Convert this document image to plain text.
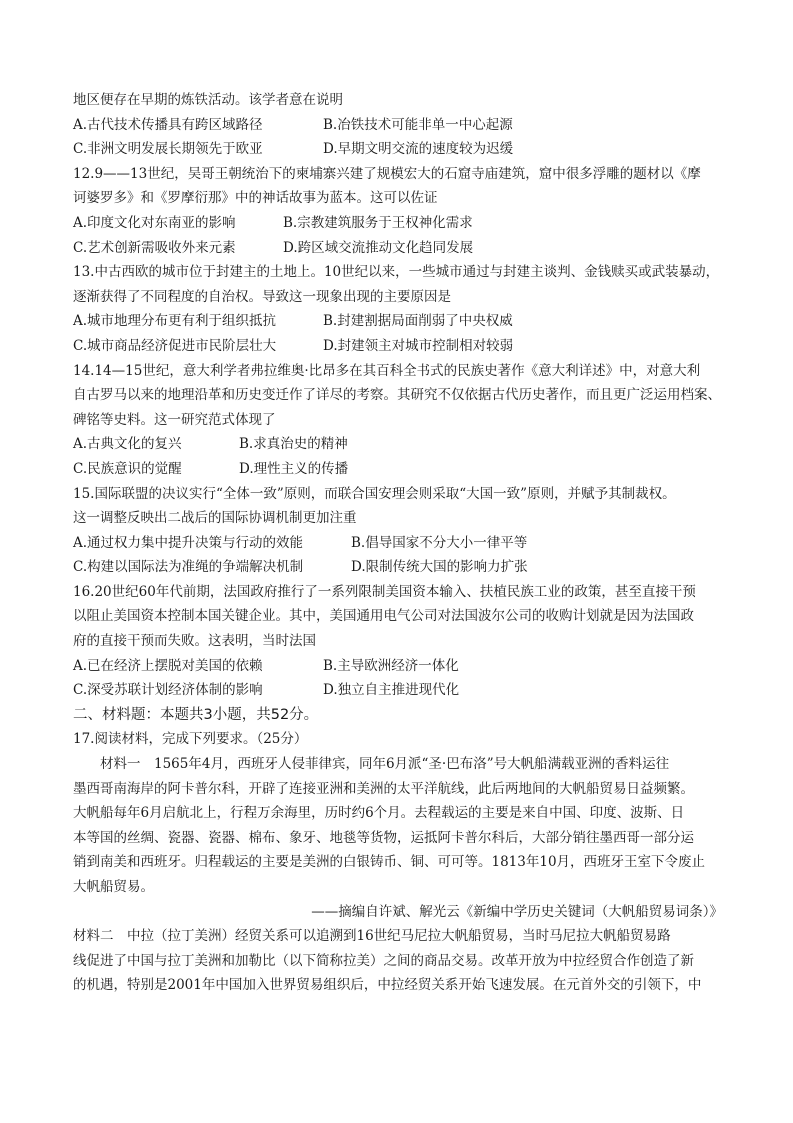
地区便存在早期的炼铁活动。该学者意在说明
A.古代技术传播具有跨区域路径	B.冶铁技术可能非单一中心起源
C.非洲文明发展长期领先于欧亚	D.早期文明交流的速度较为迟缓
12.9——13世纪，吴哥王朝统治下的柬埔寨兴建了规模宏大的石窟寺庙建筑，窟中很多浮雕的题材以《摩
诃婆罗多》和《罗摩衍那》中的神话故事为蓝本。这可以佐证
A.印度文化对东南亚的影响	B.宗教建筑服务于王权神化需求
C.艺术创新需吸收外来元素	D.跨区域交流推动文化趋同发展
13.中古西欧的城市位于封建主的土地上。10世纪以来，一些城市通过与封建主谈判、金钱赎买或武装暴动，
逐渐获得了不同程度的自治权。导致这一现象出现的主要原因是
A.城市地理分布更有利于组织抵抗	B.封建割据局面削弱了中央权威
C.城市商品经济促进市民阶层壮大	D.封建领主对城市控制相对较弱
14.14—15世纪，意大利学者弗拉维奥·比昂多在其百科全书式的民族史著作《意大利详述》中，对意大利
自古罗马以来的地理沿革和历史变迁作了详尽的考察。其研究不仅依据古代历史著作，而且更广泛运用档案、
碑铭等史料。这一研究范式体现了
A.古典文化的复兴	B.求真治史的精神
C.民族意识的觉醒	D.理性主义的传播
15.国际联盟的决议实行“全体一致”原则，而联合国安理会则采取“大国一致”原则，并赋予其制裁权。
这一调整反映出二战后的国际协调机制更加注重
A.通过权力集中提升决策与行动的效能	B.倡导国家不分大小一律平等
C.构建以国际法为准绳的争端解决机制	D.限制传统大国的影响力扩张
16.20世纪60年代前期，法国政府推行了一系列限制美国资本输入、扶植民族工业的政策，甚至直接干预
以阻止美国资本控制本国关键企业。其中，美国通用电气公司对法国波尔公司的收购计划就是因为法国政
府的直接干预而失败。这表明，当时法国
A.已在经济上摆脱对美国的依赖	B.主导欧洲经济一体化
C.深受苏联计划经济体制的影响	D.独立自主推进现代化
二、材料题：本题共3小题，共52分。
17.阅读材料，完成下列要求。（25分）
材料一　1565年4月，西班牙人侵菲律宾，同年6月派“圣·巴布洛”号大帆船满载亚洲的香料运往
墨西哥南海岸的阿卡普尔科，开辟了连接亚洲和美洲的太平洋航线，此后两地间的大帆船贸易日益频繁。
大帆船每年6月启航北上，行程万余海里，历时约6个月。去程载运的主要是来自中国、印度、波斯、日
本等国的丝绸、瓷器、瓷器、棉布、象牙、地毯等货物，运抵阿卡普尔科后，大部分销往墨西哥一部分运
销到南美和西班牙。归程载运的主要是美洲的白银铸币、铜、可可等。1813年10月，西班牙王室下令废止
大帆船贸易。
——摘编自许斌、解光云《新编中学历史关键词（大帆船贸易词条）》
材料二　中拉（拉丁美洲）经贸关系可以追溯到16世纪马尼拉大帆船贸易，当时马尼拉大帆船贸易路
线促进了中国与拉丁美洲和加勒比（以下简称拉美）之间的商品交易。改革开放为中拉经贸合作创造了新
的机遇，特别是2001年中国加入世界贸易组织后，中拉经贸关系开始飞速发展。在元首外交的引领下，中
